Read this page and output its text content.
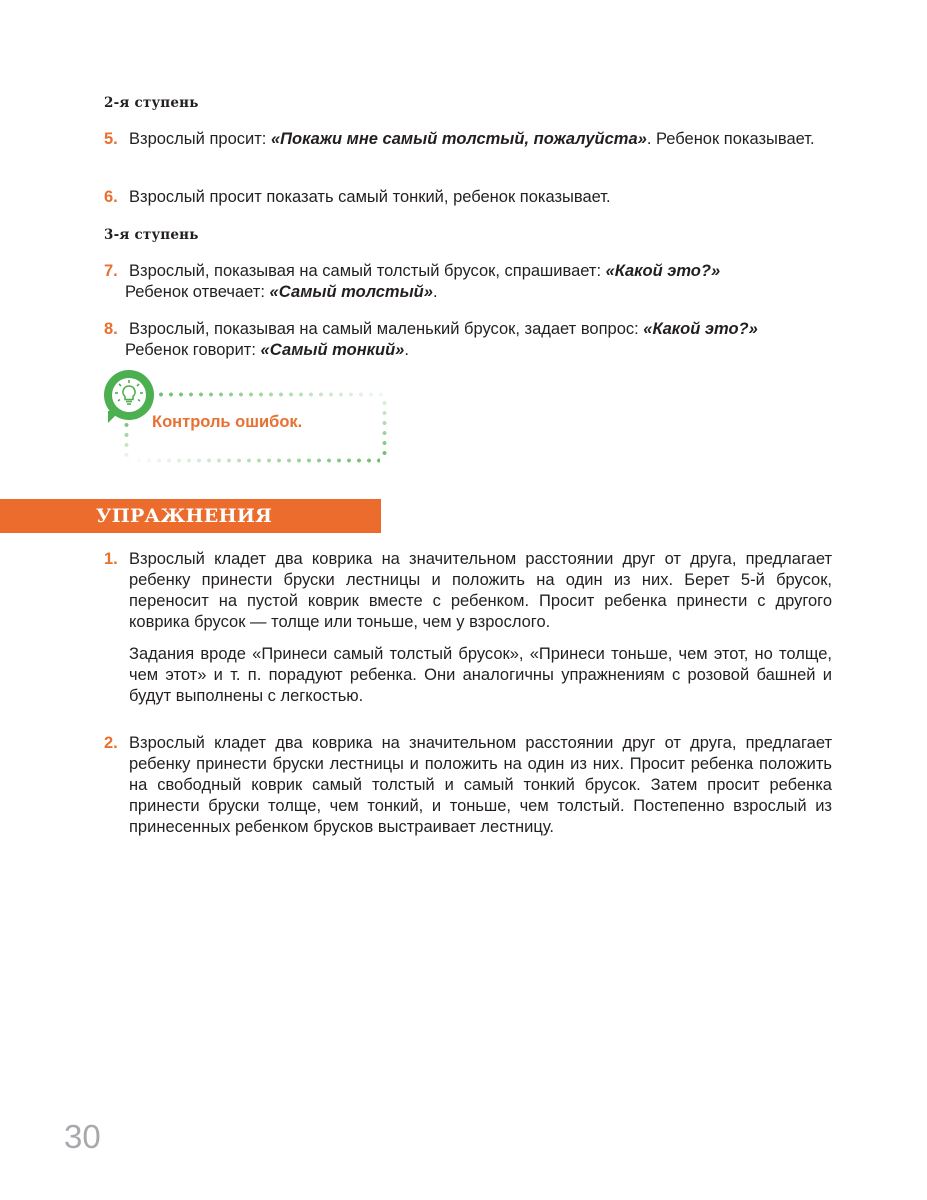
2-я ступень
5. Взрослый просит: «Покажи мне самый толстый, пожалуйста». Ребенок показывает.
6. Взрослый просит показать самый тонкий, ребенок показывает.
3-я ступень
7. Взрослый, показывая на самый толстый брусок, спрашивает: «Какой это?»
Ребенок отвечает: «Самый толстый».
8. Взрослый, показывая на самый маленький брусок, задает вопрос: «Какой это?»
Ребенок говорит: «Самый тонкий».
Контроль ошибок.
УПРАЖНЕНИЯ
1. Взрослый кладет два коврика на значительном расстоянии друг от друга, предлагает ребенку принести бруски лестницы и положить на один из них. Берет 5-й брусок, переносит на пустой коврик вместе с ребенком. Просит ребенка принести с другого коврика брусок — толще или тоньше, чем у взрослого.
Задания вроде «Принеси самый толстый брусок», «Принеси тоньше, чем этот, но толще, чем этот» и т. п. порадуют ребенка. Они аналогичны упражнениям с розовой башней и будут выполнены с легкостью.
2. Взрослый кладет два коврика на значительном расстоянии друг от друга, предлагает ребенку принести бруски лестницы и положить на один из них. Просит ребенка положить на свободный коврик самый толстый и самый тонкий брусок. Затем просит ребенка принести бруски толще, чем тонкий, и тоньше, чем толстый. Постепенно взрослый из принесенных ребенком брусков выстраивает лестницу.
30
